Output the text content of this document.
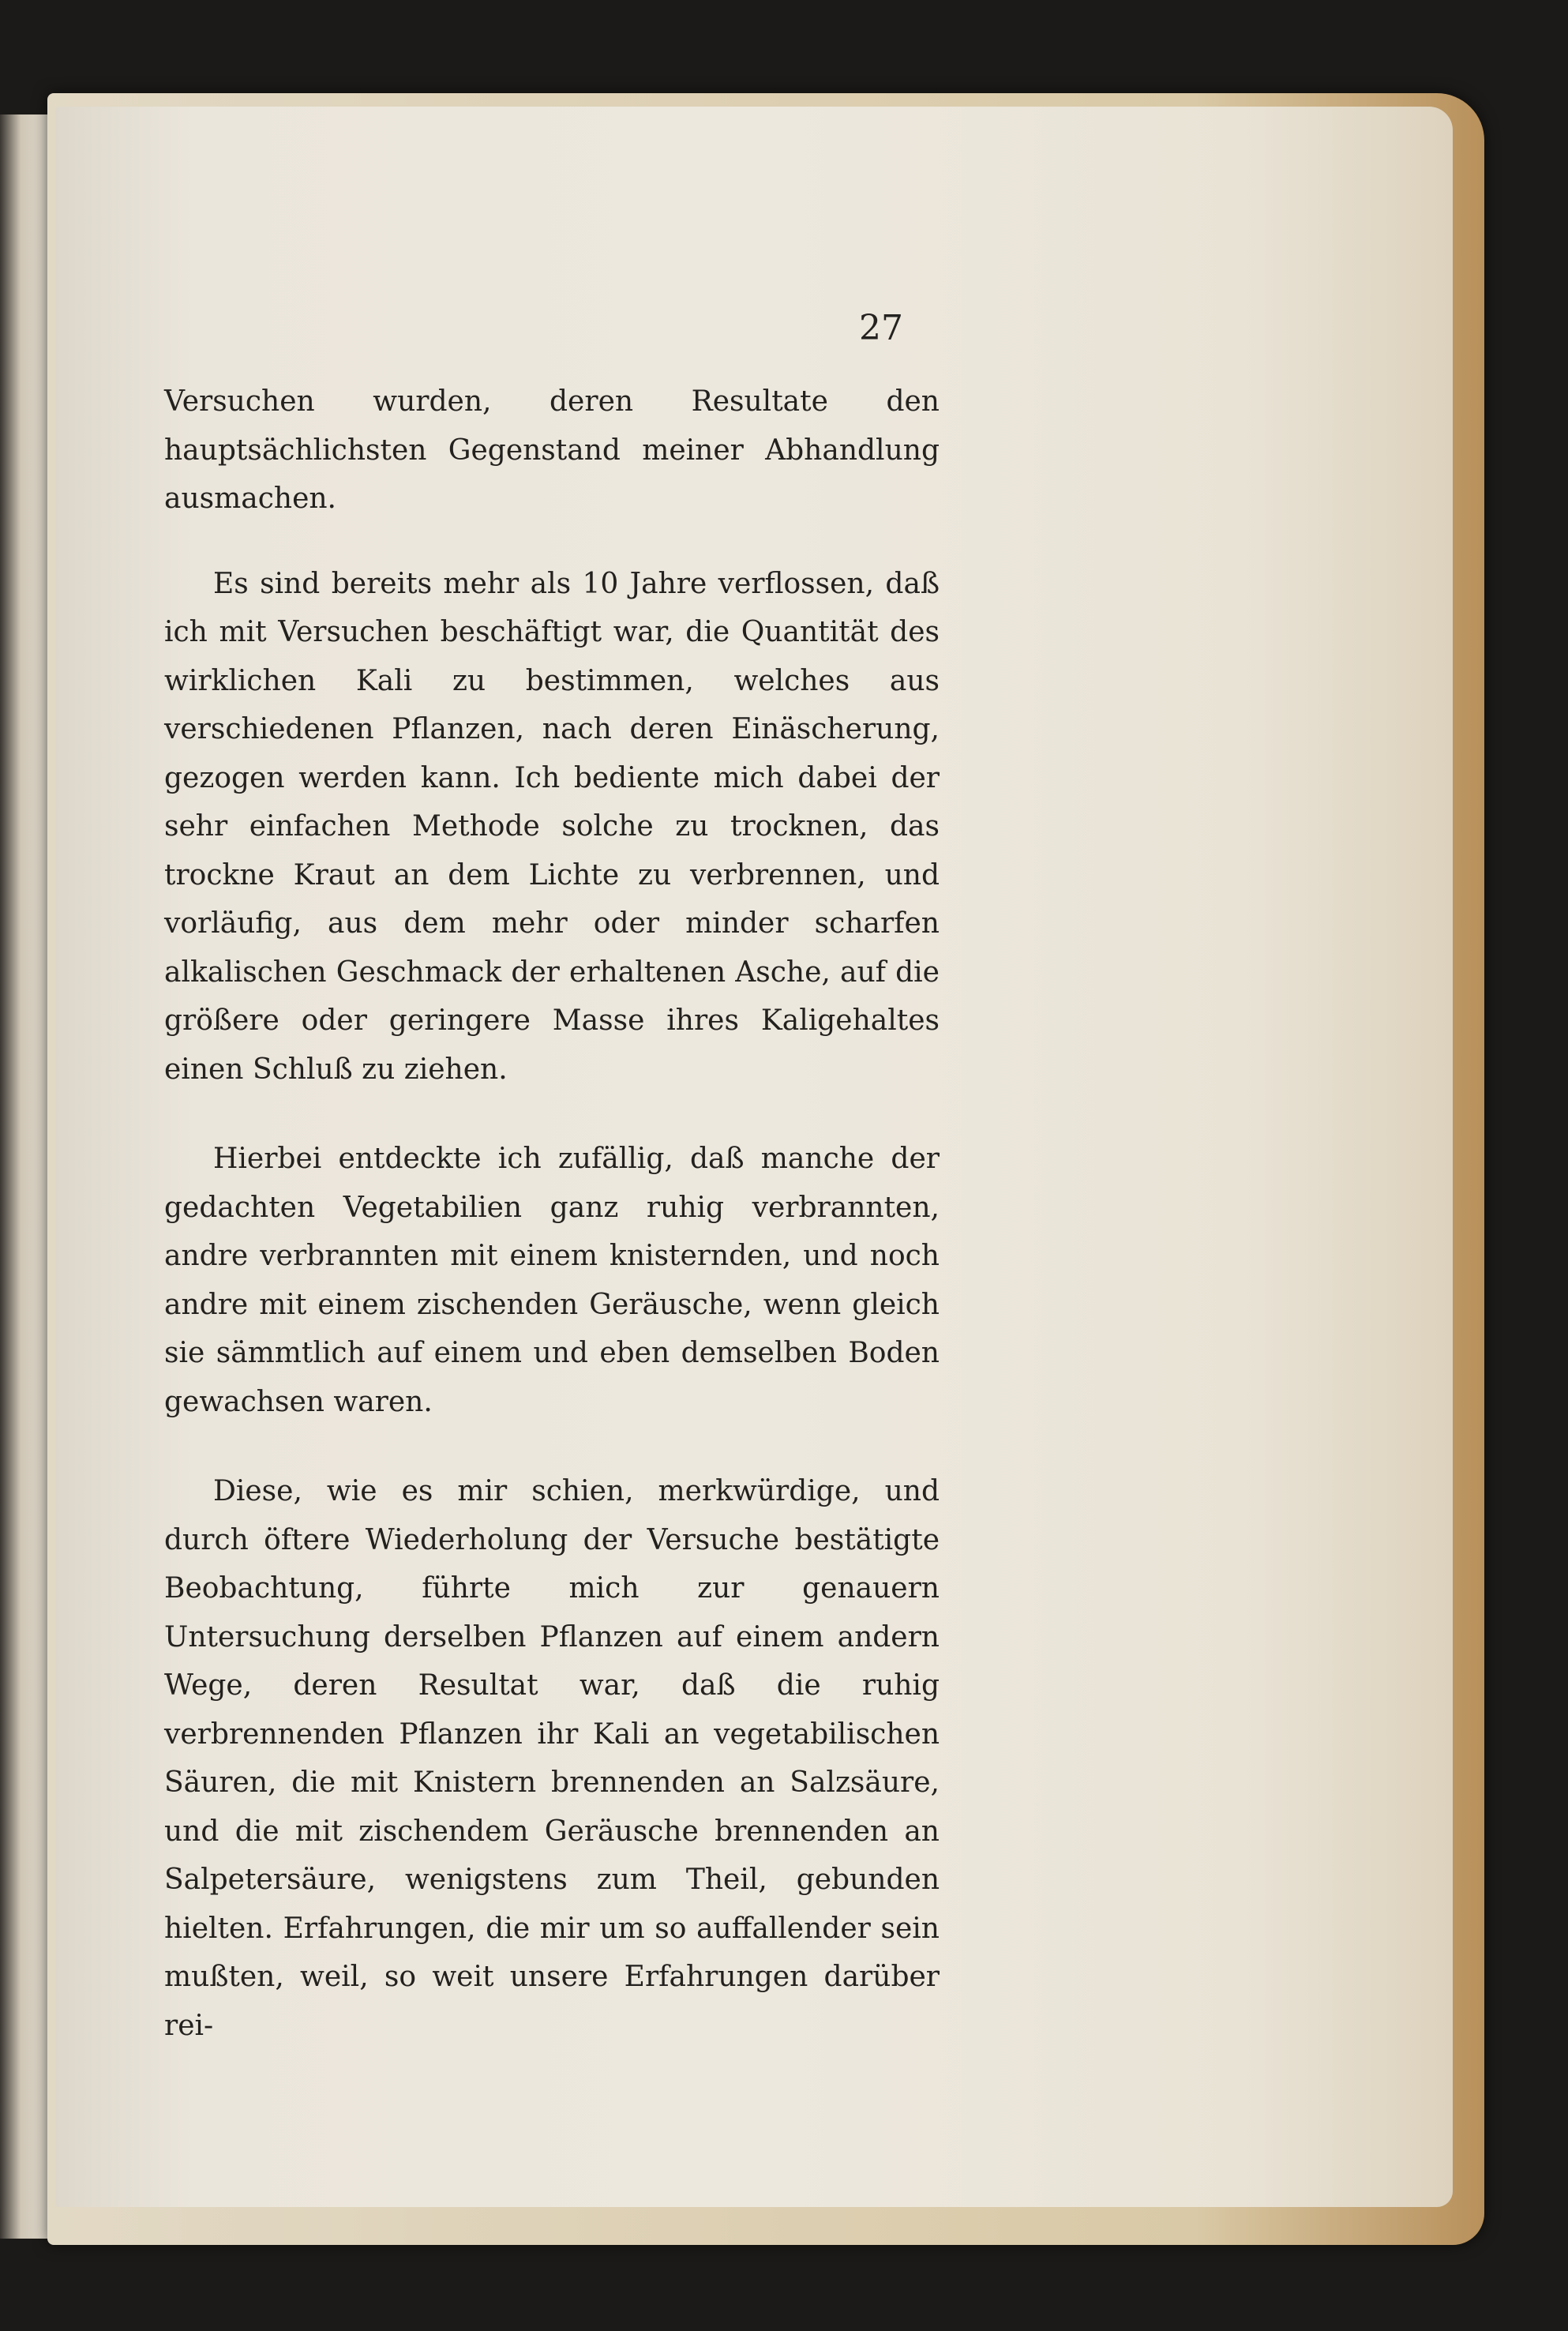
27

Versuchen wurden, deren Resultate den hauptsächlichsten Gegenstand meiner Abhandlung ausmachen.

Es sind bereits mehr als 10 Jahre verflossen, daß ich mit Versuchen beschäftigt war, die Quantität des wirklichen Kali zu bestimmen, welches aus verschiedenen Pflanzen, nach deren Einäscherung, gezogen werden kann. Ich bediente mich dabei der sehr einfachen Methode solche zu trocknen, das trockne Kraut an dem Lichte zu verbrennen, und vorläufig, aus dem mehr oder minder scharfen alkalischen Geschmack der erhaltenen Asche, auf die größere oder geringere Masse ihres Kaligehaltes einen Schluß zu ziehen.

Hierbei entdeckte ich zufällig, daß manche der gedachten Vegetabilien ganz ruhig verbrannten, andre verbrannten mit einem knisternden, und noch andre mit einem zischenden Geräusche, wenn gleich sie sämmtlich auf einem und eben demselben Boden gewachsen waren.

Diese, wie es mir schien, merkwürdige, und durch öftere Wiederholung der Versuche bestätigte Beobachtung, führte mich zur genauern Untersuchung derselben Pflanzen auf einem andern Wege, deren Resultat war, daß die ruhig verbrennenden Pflanzen ihr Kali an vegetabilischen Säuren, die mit Knistern brennenden an Salzsäure, und die mit zischendem Geräusche brennenden an Salpetersäure, wenigstens zum Theil, gebunden hielten. Erfahrungen, die mir um so auffallender sein mußten, weil, so weit unsere Erfahrungen darüber rei-
